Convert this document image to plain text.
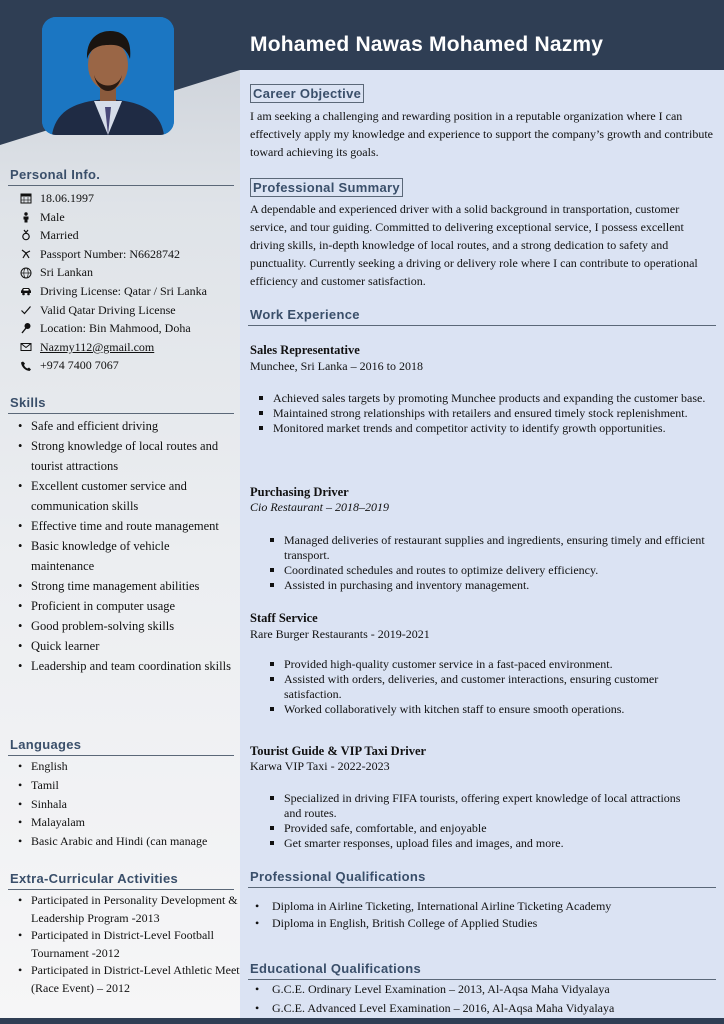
Mohamed Nawas Mohamed Nazmy
Personal Info.
18.06.1997
Male
Married
Passport Number: N6628742
Sri Lankan
Driving License: Qatar / Sri Lanka
Valid Qatar Driving License
Location: Bin Mahmood, Doha
Nazmy112@gmail.com
+974 7400 7067
Skills
• Safe and efficient driving
• Strong knowledge of local routes and tourist attractions
• Excellent customer service and communication skills
• Effective time and route management
• Basic knowledge of vehicle maintenance
• Strong time management abilities
• Proficient in computer usage
• Good problem-solving skills
• Quick learner
• Leadership and team coordination skills
Languages
• English
• Tamil
• Sinhala
• Malayalam
• Basic Arabic and Hindi (can manage
Extra-Curricular Activities
• Participated in Personality Development & Leadership Program -2013
• Participated in District-Level Football Tournament -2012
• Participated in District-Level Athletic Meet (Race Event) – 2012
Career Objective
I am seeking a challenging and rewarding position in a reputable organization where I can effectively apply my knowledge and experience to support the company’s growth and contribute toward achieving its goals.
Professional Summary
A dependable and experienced driver with a solid background in transportation, customer service, and tour guiding. Committed to delivering exceptional service, I possess excellent driving skills, in-depth knowledge of local routes, and a strong dedication to safety and punctuality. Currently seeking a driving or delivery role where I can contribute to operational efficiency and customer satisfaction.
Work Experience
Sales Representative
Munchee, Sri Lanka – 2016 to 2018
Achieved sales targets by promoting Munchee products and expanding the customer base.
Maintained strong relationships with retailers and ensured timely stock replenishment.
Monitored market trends and competitor activity to identify growth opportunities.
Purchasing Driver
Cio Restaurant – 2018–2019
Managed deliveries of restaurant supplies and ingredients, ensuring timely and efficient transport.
Coordinated schedules and routes to optimize delivery efficiency.
Assisted in purchasing and inventory management.
Staff Service
Rare Burger Restaurants - 2019-2021
Provided high-quality customer service in a fast-paced environment.
Assisted with orders, deliveries, and customer interactions, ensuring customer satisfaction.
Worked collaboratively with kitchen staff to ensure smooth operations.
Tourist Guide & VIP Taxi Driver
Karwa VIP Taxi - 2022-2023
Specialized in driving FIFA tourists, offering expert knowledge of local attractions and routes.
Provided safe, comfortable, and enjoyable
Get smarter responses, upload files and images, and more.
Professional Qualifications
• Diploma in Airline Ticketing, International Airline Ticketing Academy
• Diploma in English, British College of Applied Studies
Educational Qualifications
• G.C.E. Ordinary Level Examination – 2013, Al-Aqsa Maha Vidyalaya
• G.C.E. Advanced Level Examination – 2016, Al-Aqsa Maha Vidyalaya
